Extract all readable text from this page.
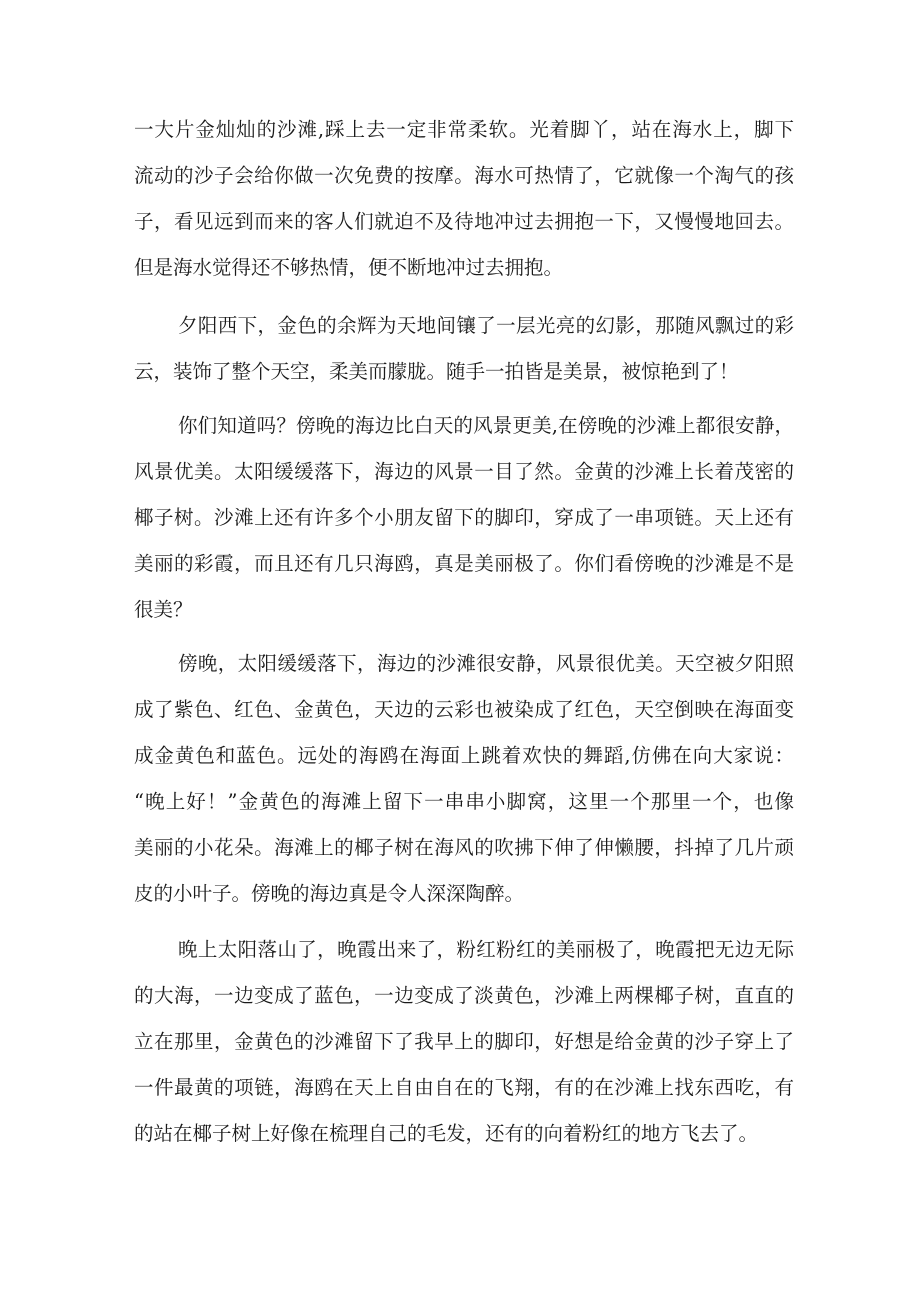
一大片金灿灿的沙滩,踩上去一定非常柔软。光着脚丫，站在海水上，脚下
流动的沙子会给你做一次免费的按摩。海水可热情了，它就像一个淘气的孩
子，看见远到而来的客人们就迫不及待地冲过去拥抱一下，又慢慢地回去。
但是海水觉得还不够热情，便不断地冲过去拥抱。
夕阳西下，金色的余辉为天地间镶了一层光亮的幻影，那随风飘过的彩
云，装饰了整个天空，柔美而朦胧。随手一拍皆是美景，被惊艳到了！
你们知道吗？傍晚的海边比白天的风景更美,在傍晚的沙滩上都很安静，
风景优美。太阳缓缓落下，海边的风景一目了然。金黄的沙滩上长着茂密的
椰子树。沙滩上还有许多个小朋友留下的脚印，穿成了一串项链。天上还有
美丽的彩霞，而且还有几只海鸥，真是美丽极了。你们看傍晚的沙滩是不是
很美？
傍晚，太阳缓缓落下，海边的沙滩很安静，风景很优美。天空被夕阳照
成了紫色、红色、金黄色，天边的云彩也被染成了红色，天空倒映在海面变
成金黄色和蓝色。远处的海鸥在海面上跳着欢快的舞蹈,仿佛在向大家说：
“晚上好！”金黄色的海滩上留下一串串小脚窝，这里一个那里一个，也像
美丽的小花朵。海滩上的椰子树在海风的吹拂下伸了伸懒腰，抖掉了几片顽
皮的小叶子。傍晚的海边真是令人深深陶醉。
晚上太阳落山了，晚霞出来了，粉红粉红的美丽极了，晚霞把无边无际
的大海，一边变成了蓝色，一边变成了淡黄色，沙滩上两棵椰子树，直直的
立在那里，金黄色的沙滩留下了我早上的脚印，好想是给金黄的沙子穿上了
一件最黄的项链，海鸥在天上自由自在的飞翔，有的在沙滩上找东西吃，有
的站在椰子树上好像在梳理自己的毛发，还有的向着粉红的地方飞去了。
